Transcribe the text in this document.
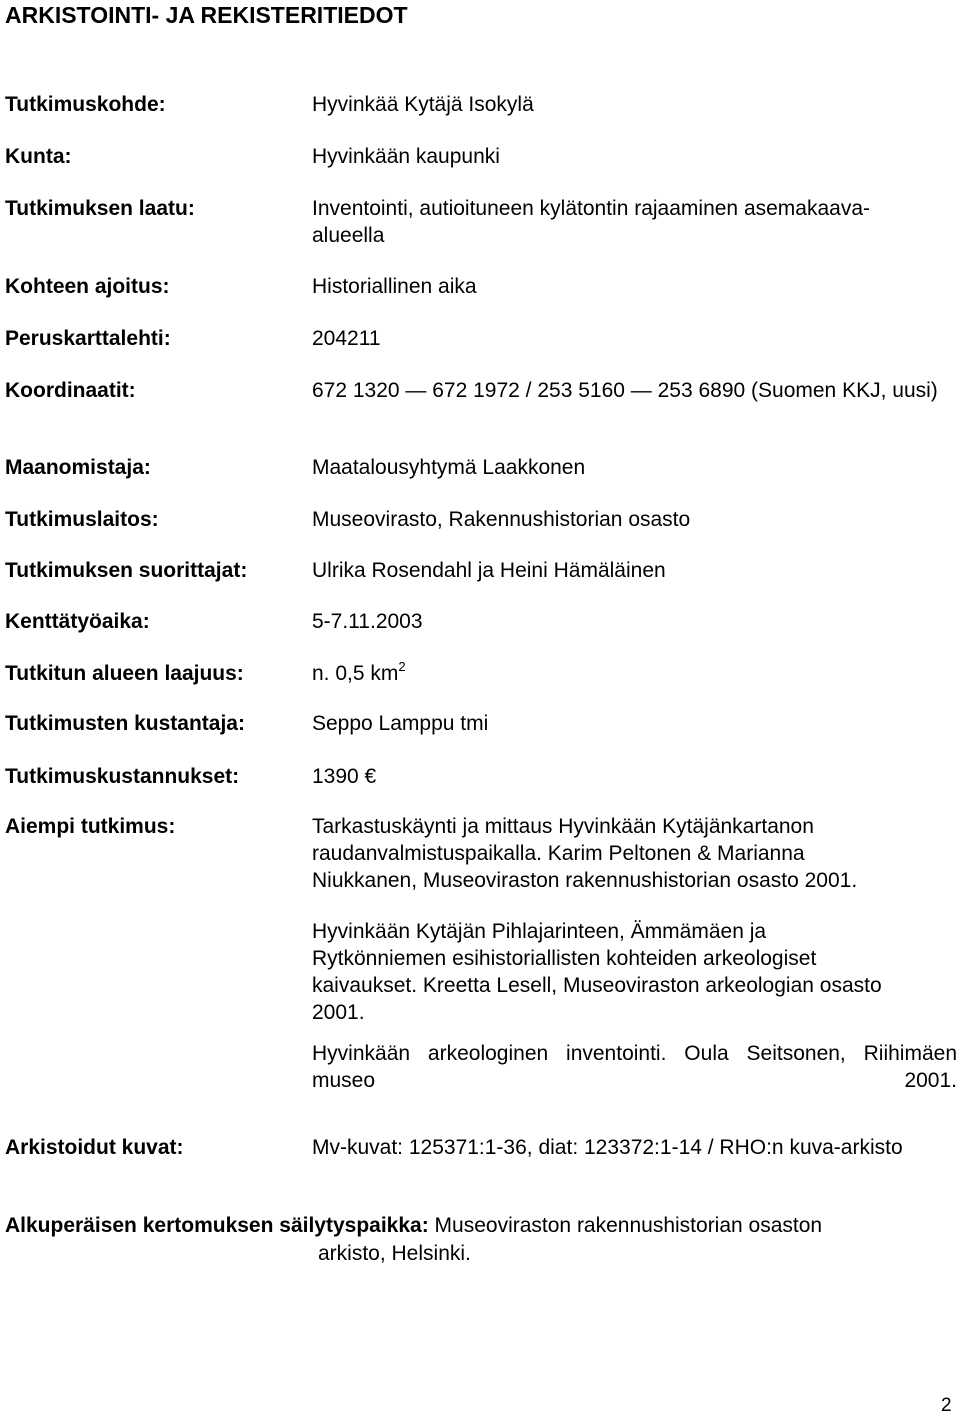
ARKISTOINTI- JA REKISTERITIEDOT
Tutkimuskohde:	Hyvinkää Kytäjä Isokylä
Kunta:	Hyvinkään kaupunki
Tutkimuksen laatu:	Inventointi, autioituneen kylätontin rajaaminen asemakaava-alueella
Kohteen ajoitus:	Historiallinen aika
Peruskarttalehti:	204211
Koordinaatit:	672 1320 — 672 1972 / 253 5160 — 253 6890 (Suomen KKJ, uusi)
Maanomistaja:	Maatalousyhtymä Laakkonen
Tutkimuslaitos:	Museovirasto, Rakennushistorian osasto
Tutkimuksen suorittajat:	Ulrika Rosendahl ja Heini Hämäläinen
Kenttätyöaika:	5-7.11.2003
Tutkitun alueen laajuus:	n. 0,5 $km^2$
Tutkimusten kustantaja:	Seppo Lamppu tmi
Tutkimuskustannukset:	1390 €
Aiempi tutkimus:	Tarkastuskäynti ja mittaus Hyvinkään Kytäjänkartanon raudanvalmistuspaikalla. Karim Peltonen & Marianna Niukkanen, Museoviraston rakennushistorian osasto 2001.
Hyvinkään Kytäjän Pihlajarinteen, Ämmämäen ja Rytkönniemen esihistoriallisten kohteiden arkeologiset kaivaukset. Kreetta Lesell, Museoviraston arkeologian osasto 2001.
Hyvinkään arkeologinen inventointi. Oula Seitsonen, Riihimäen museo 2001.
Arkistoidut kuvat:	Mv-kuvat: 125371:1-36, diat: 123372:1-14 / RHO:n kuva-arkisto
Alkuperäisen kertomuksen säilytyspaikka: Museoviraston rakennushistorian osaston
arkisto, Helsinki.
2
